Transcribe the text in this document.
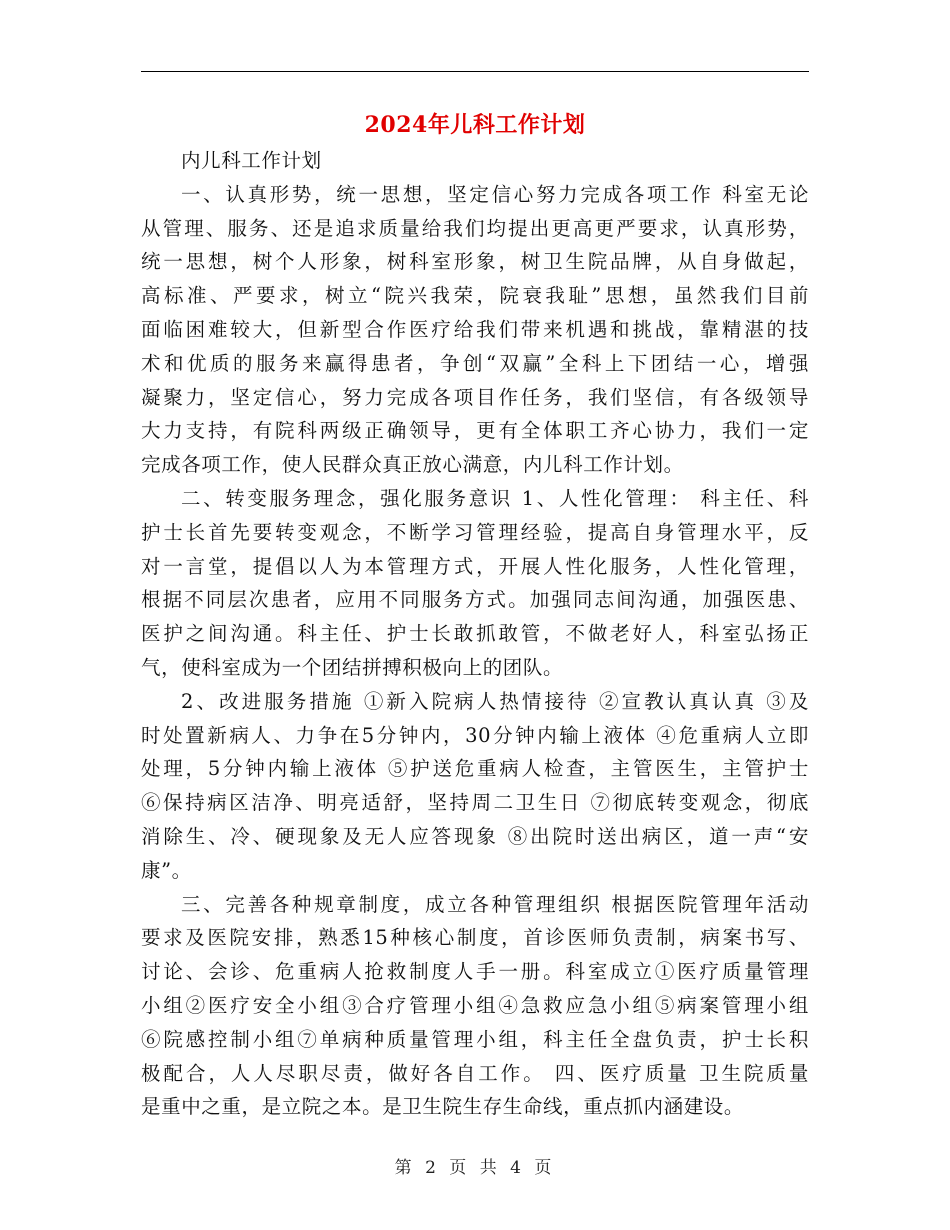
2024年儿科工作计划
内儿科工作计划
一、认真形势，统一思想，坚定信心努力完成各项工作 科室无论
从管理、服务、还是追求质量给我们均提出更高更严要求，认真形势，
统一思想，树个人形象，树科室形象，树卫生院品牌，从自身做起，
高标准、严要求，树立“院兴我荣，院衰我耻”思想，虽然我们目前
面临困难较大，但新型合作医疗给我们带来机遇和挑战，靠精湛的技
术和优质的服务来赢得患者，争创“双赢”全科上下团结一心，增强
凝聚力，坚定信心，努力完成各项目作任务，我们坚信，有各级领导
大力支持，有院科两级正确领导，更有全体职工齐心协力，我们一定
完成各项工作，使人民群众真正放心满意，内儿科工作计划。
二、转变服务理念，强化服务意识 1、人性化管理： 科主任、科
护士长首先要转变观念，不断学习管理经验，提高自身管理水平，反
对一言堂，提倡以人为本管理方式，开展人性化服务，人性化管理，
根据不同层次患者，应用不同服务方式。加强同志间沟通，加强医患、
医护之间沟通。科主任、护士长敢抓敢管，不做老好人，科室弘扬正
气，使科室成为一个团结拼搏积极向上的团队。
2、改进服务措施 ①新入院病人热情接待 ②宣教认真认真 ③及
时处置新病人、力争在5分钟内，30分钟内输上液体 ④危重病人立即
处理，5分钟内输上液体 ⑤护送危重病人检查，主管医生，主管护士
⑥保持病区洁净、明亮适舒，坚持周二卫生日 ⑦彻底转变观念，彻底
消除生、冷、硬现象及无人应答现象 ⑧出院时送出病区，道一声“安
康”。
三、完善各种规章制度，成立各种管理组织 根据医院管理年活动
要求及医院安排，熟悉15种核心制度，首诊医师负责制，病案书写、
讨论、会诊、危重病人抢救制度人手一册。科室成立①医疗质量管理
小组②医疗安全小组③合疗管理小组④急救应急小组⑤病案管理小组
⑥院感控制小组⑦单病种质量管理小组，科主任全盘负责，护士长积
极配合，人人尽职尽责，做好各自工作。 四、医疗质量 卫生院质量
是重中之重，是立院之本。是卫生院生存生命线，重点抓内涵建设。
第 2 页 共 4 页
